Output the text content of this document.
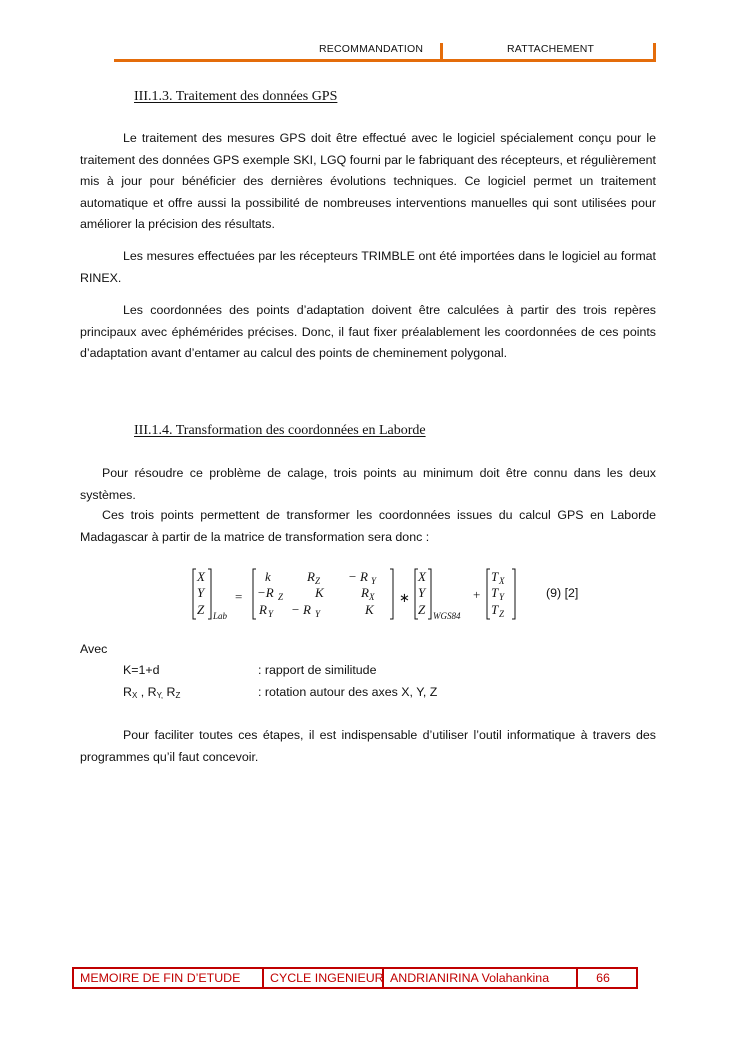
RECOMMANDATION	RATTACHEMENT
III.1.3. Traitement des données GPS

Le traitement des mesures GPS doit être effectué avec le logiciel spécialement conçu pour le traitement des données GPS exemple SKI, LGQ fourni par le fabriquant des récepteurs, et régulièrement mis à jour pour bénéficier des dernières évolutions techniques. Ce logiciel permet un traitement automatique et offre aussi la possibilité de nombreuses interventions manuelles qui sont utilisées pour améliorer la précision des résultats.

Les mesures effectuées par les récepteurs TRIMBLE ont été importées dans le logiciel au format RINEX.

Les coordonnées des points d’adaptation doivent être calculées à partir des trois repères principaux avec éphémérides précises. Donc, il faut fixer préalablement les coordonnées de ces points d’adaptation avant d’entamer au calcul des points de cheminement polygonal.

III.1.4. Transformation des coordonnées en Laborde

Pour résoudre ce problème de calage, trois points au minimum doit être connu dans les deux systèmes.

Ces trois points permettent de transformer les coordonnées issues du calcul GPS en Laborde Madagascar à partir de la matrice de transformation sera donc :

X
Y
Z Lab
=
k	R Z − R Y
−R Z K	R X
R Y − R Y	K
∗
X
Y
Z WGS84
+
T X
T Y
T Z
(9) [2]
Avec
K=1+d	: rapport de similitude
RX , RY, RZ	: rotation autour des axes X, Y, Z

Pour faciliter toutes ces étapes, il est indispensable d’utiliser l’outil informatique à travers des programmes qu’il faut concevoir.

MEMOIRE DE FIN D’ETUDE	CYCLE INGENIEUR ANDRIANIRINA Volahankina	66
